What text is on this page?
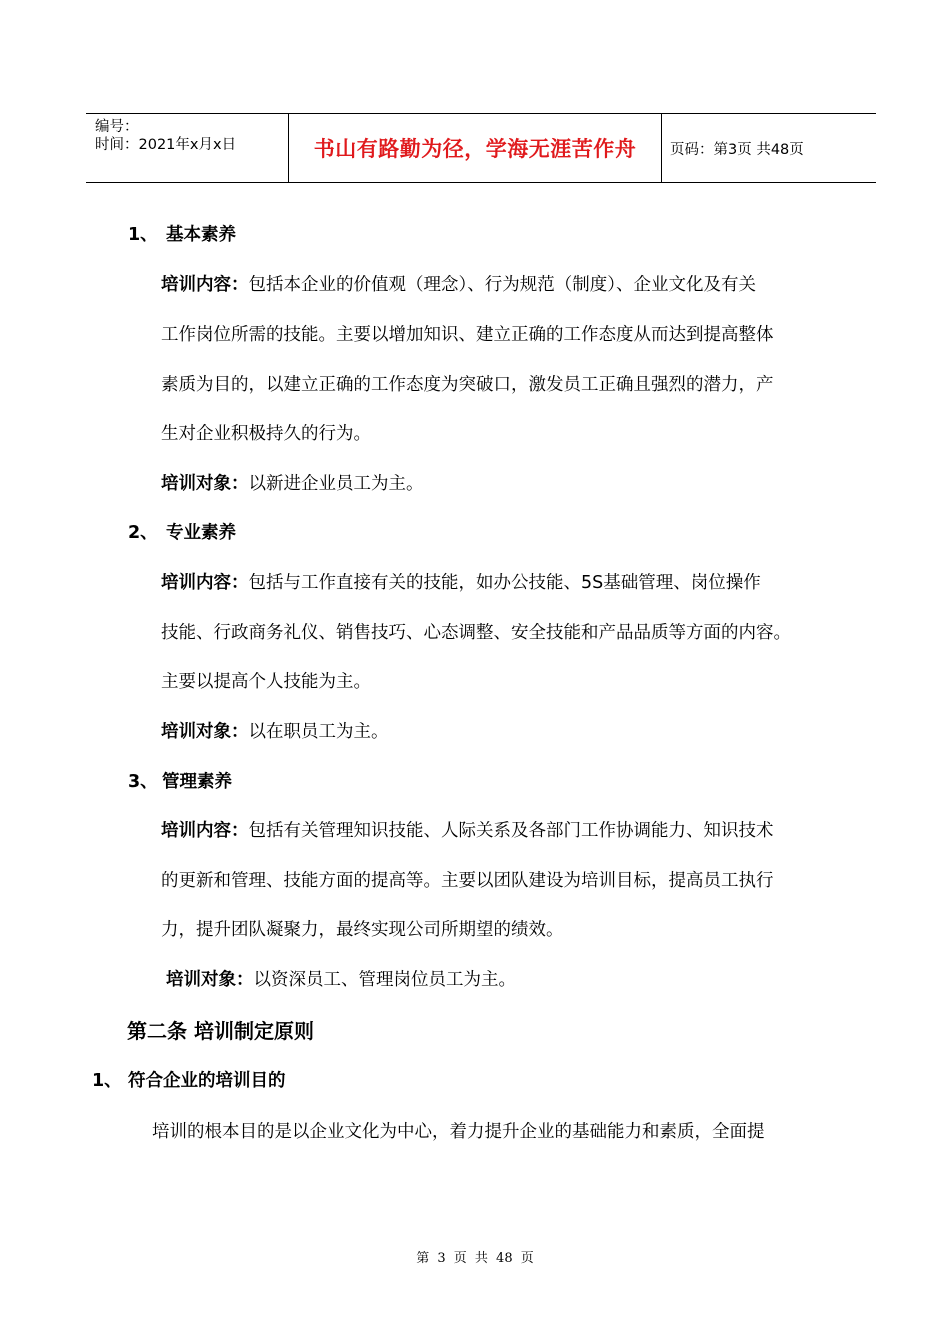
编号：
时间：2021年x月x日	书山有路勤为径，学海无涯苦作舟 页码：第3页 共48页
1、 基本素养
培训内容：包括本企业的价值观（理念）、行为规范（制度）、企业文化及有关
工作岗位所需的技能。主要以增加知识、建立正确的工作态度从而达到提高整体
素质为目的，以建立正确的工作态度为突破口，激发员工正确且强烈的潜力，产
生对企业积极持久的行为。
培训对象：以新进企业员工为主。
2、 专业素养
培训内容：包括与工作直接有关的技能，如办公技能、5S基础管理、岗位操作
技能、行政商务礼仪、销售技巧、心态调整、安全技能和产品品质等方面的内容。
主要以提高个人技能为主。
培训对象：以在职员工为主。
3、 管理素养
培训内容：包括有关管理知识技能、人际关系及各部门工作协调能力、知识技术
的更新和管理、技能方面的提高等。主要以团队建设为培训目标，提高员工执行
力，提升团队凝聚力，最终实现公司所期望的绩效。
培训对象：以资深员工、管理岗位员工为主。
第二条 培训制定原则
1、 符合企业的培训目的
培训的根本目的是以企业文化为中心，着力提升企业的基础能力和素质，全面提
第 3 页 共 48 页
